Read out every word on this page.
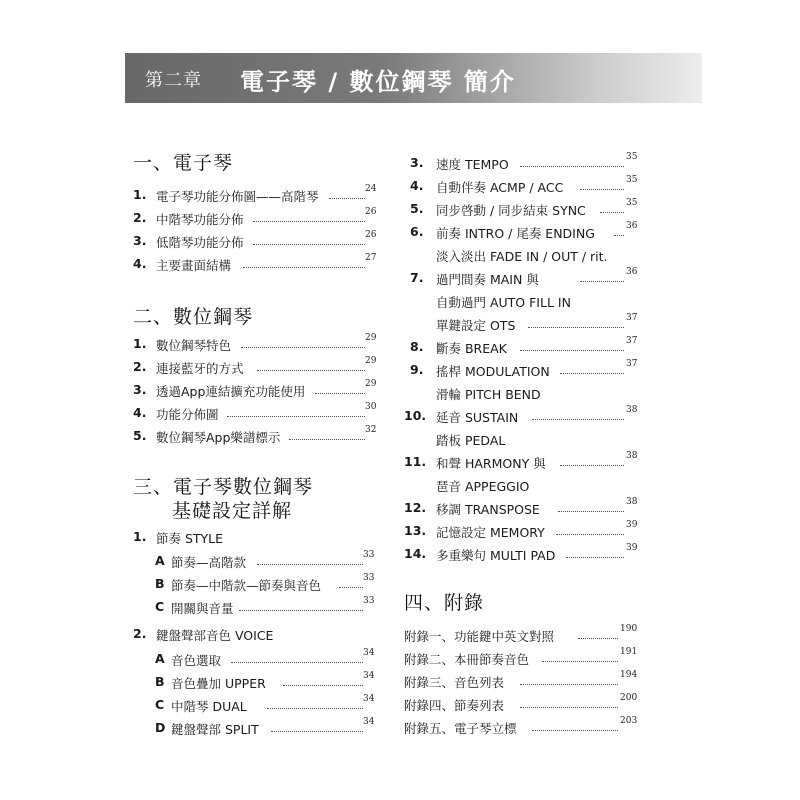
第二章 電子琴 / 數位鋼琴 簡介
一、電子琴
1. 電子琴功能分佈圖——高階琴	24
2. 中階琴功能分佈	26
3. 低階琴功能分佈	26
4. 主要畫面結構	27
二、數位鋼琴
1. 數位鋼琴特色	29
2. 連接藍牙的方式	29
3. 透過App連結擴充功能使用	29
4. 功能分佈圖	30
5. 數位鋼琴App樂譜標示	32
三、電子琴數位鋼琴
基礎設定詳解
1. 節奏 STYLE
A 節奏—高階款	33
B 節奏—中階款—節奏與音色	33
C 開關與音量	33
2. 鍵盤聲部音色 VOICE
A 音色選取	34
B 音色疊加 UPPER	34
C 中階琴 DUAL	34
D 鍵盤聲部 SPLIT	34
3. 速度 TEMPO	35
4. 自動伴奏 ACMP / ACC	35
5. 同步啓動 / 同步結束 SYNC	35
6. 前奏 INTRO / 尾奏 ENDING	36
淡入淡出 FADE IN / OUT / rit.
7. 過門間奏 MAIN 與	36
自動過門 AUTO FILL IN
單鍵設定 OTS	37
8. 斷奏 BREAK	37
9. 搖桿 MODULATION	37
滑輪 PITCH BEND
10. 延音 SUSTAIN	38
踏板 PEDAL
11. 和聲 HARMONY 與	38
琶音 APPEGGIO
12. 移調 TRANSPOSE	38
13. 記憶設定 MEMORY	39
14. 多重樂句 MULTI PAD	39
四、附錄
附錄一、功能鍵中英文對照	190
附錄二、本冊節奏音色	191
附錄三、音色列表	194
附錄四、節奏列表	200
附錄五、電子琴立標	203
